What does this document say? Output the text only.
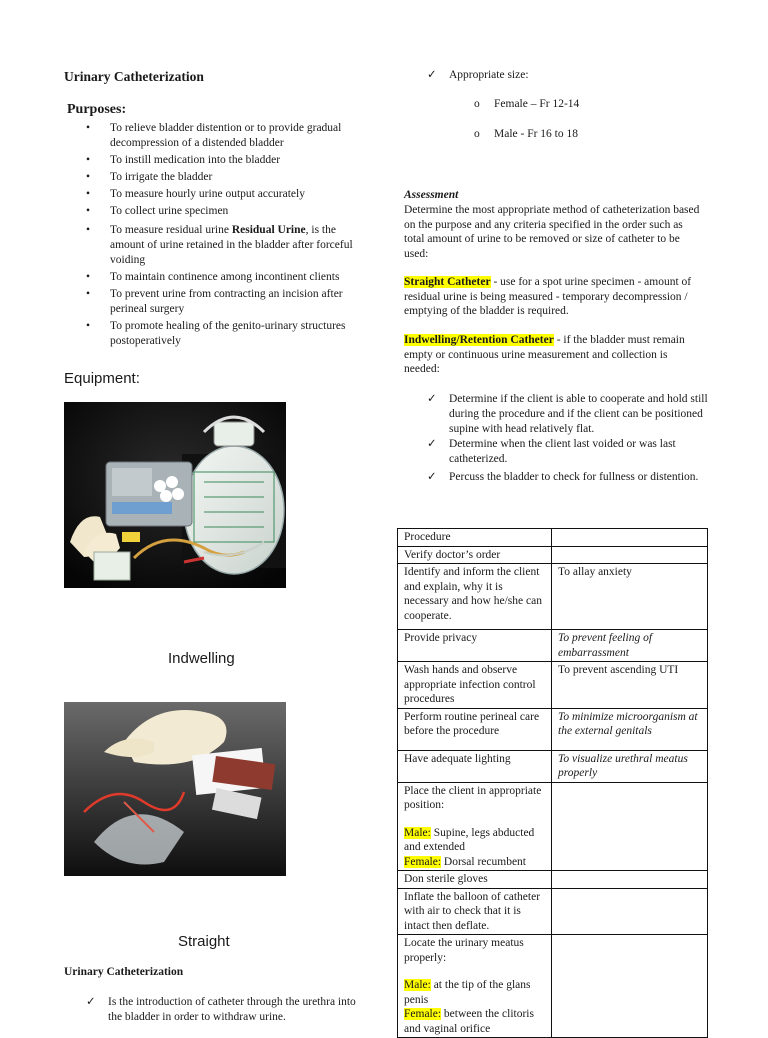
Urinary Catheterization
Purposes:
• To relieve bladder distention or to provide gradual decompression of a distended bladder
• To instill medication into the bladder
• To irrigate the bladder
• To measure hourly urine output accurately
• To collect urine specimen
• To measure residual urine Residual Urine, is the amount of urine retained in the bladder after forceful voiding
• To maintain continence among incontinent clients
• To prevent urine from contracting an incision after perineal surgery
• To promote healing of the genito-urinary structures postoperatively
Equipment:
Indwelling
Straight
Urinary Catheterization
✓ Is the introduction of catheter through the urethra into the bladder in order to withdraw urine.
✓ Appropriate size:
o Female – Fr 12-14
o Male - Fr 16 to 18
Assessment
Determine the most appropriate method of catheterization based on the purpose and any criteria specified in the order such as total amount of urine to be removed or size of catheter to be used:
Straight Catheter - use for a spot urine specimen - amount of residual urine is being measured - temporary decompression / emptying of the bladder is required.
Indwelling/Retention Catheter - if the bladder must remain empty or continuous urine measurement and collection is needed:
✓ Determine if the client is able to cooperate and hold still during the procedure and if the client can be positioned supine with head relatively flat.
✓ Determine when the client last voided or was last catheterized.
✓ Percuss the bladder to check for fullness or distention.
Procedure	
Verify doctor’s order	
Identify and inform the client and explain, why it is necessary and how he/she can cooperate.	To allay anxiety
Provide privacy	To prevent feeling of embarrassment
Wash hands and observe appropriate infection control procedures	To prevent ascending UTI
Perform routine perineal care before the procedure	To minimize microorganism at the external genitals
Have adequate lighting	To visualize urethral meatus properly

Place the client in appropriate position:
Male: Supine, legs abducted and extended
Female: Dorsal recumbent	

Don sterile gloves	
Inflate the balloon of catheter with air to check that it is intact then deflate.	

Locate the urinary meatus properly:
Male: at the tip of the glans penis
Female: between the clitoris and vaginal orifice	
